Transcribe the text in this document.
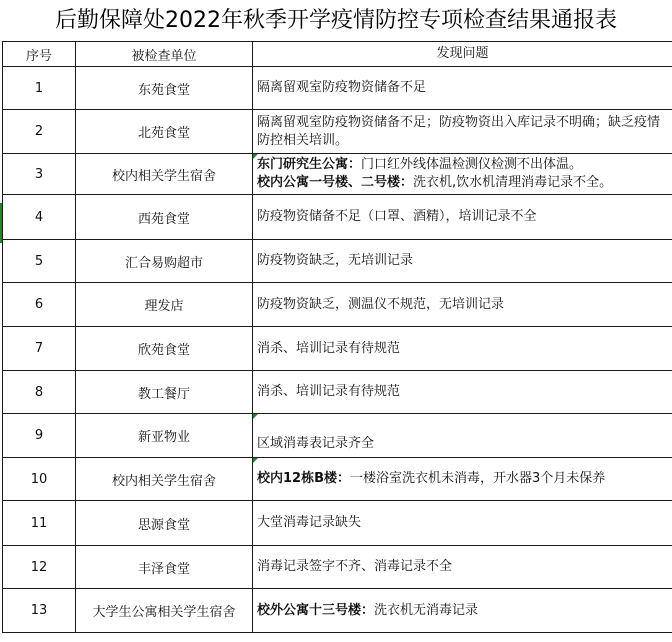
后勤保障处2022年秋季开学疫情防控专项检查结果通报表
序号	被检查单位	发现问题
1	东苑食堂	隔离留观室防疫物资储备不足

2	北苑食堂	隔离留观室防疫物资储备不足；防疫物资出入库记录不明确；缺乏疫情防控相关培训。

3	校内相关学生宿舍	东门研究生公寓：门口红外线体温检测仪检测不出体温。
校内公寓一号楼、二号楼：洗衣机,饮水机清理消毒记录不全。

4	西苑食堂	防疫物资储备不足（口罩、酒精），培训记录不全

5	汇合易购超市	防疫物资缺乏，无培训记录

6	理发店	防疫物资缺乏，测温仪不规范，无培训记录

7	欣苑食堂	消杀、培训记录有待规范

8	教工餐厅	消杀、培训记录有待规范

9	新亚物业	区域消毒表记录齐全

10	校内相关学生宿舍	校内12栋B楼：一楼浴室洗衣机未消毒，开水器3个月未保养

11	思源食堂	大堂消毒记录缺失

12	丰泽食堂	消毒记录签字不齐、消毒记录不全

13	大学生公寓相关学生宿舍	校外公寓十三号楼：洗衣机无消毒记录
